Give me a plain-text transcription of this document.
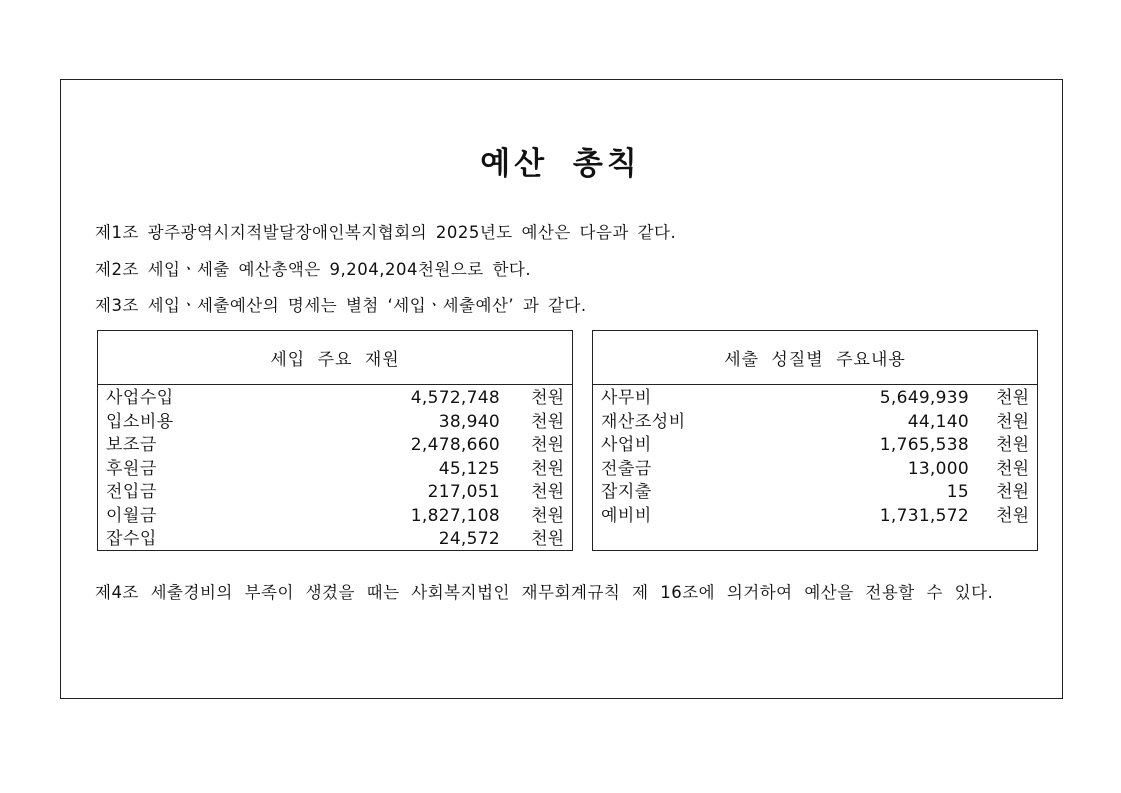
예산 총칙
제1조 광주광역시지적발달장애인복지협회의 2025년도 예산은 다음과 같다.
제2조 세입ㆍ세출 예산총액은 9,204,204천원으로 한다.
제3조 세입ㆍ세출예산의 명세는 별첨 ‘세입ㆍ세출예산’ 과 같다.
세입 주요 재원
사업수입	4,572,748 천원
입소비용	38,940 천원
보조금	2,478,660 천원
후원금	45,125 천원
전입금	217,051 천원
이월금	1,827,108 천원
잡수입	24,572 천원
세출 성질별 주요내용
사무비	5,649,939 천원
재산조성비	44,140 천원
사업비	1,765,538 천원
전출금	13,000 천원
잡지출	15 천원
예비비	1,731,572 천원
제4조 세출경비의 부족이 생겼을 때는 사회복지법인 재무회계규칙 제 16조에 의거하여 예산을 전용할 수 있다.
